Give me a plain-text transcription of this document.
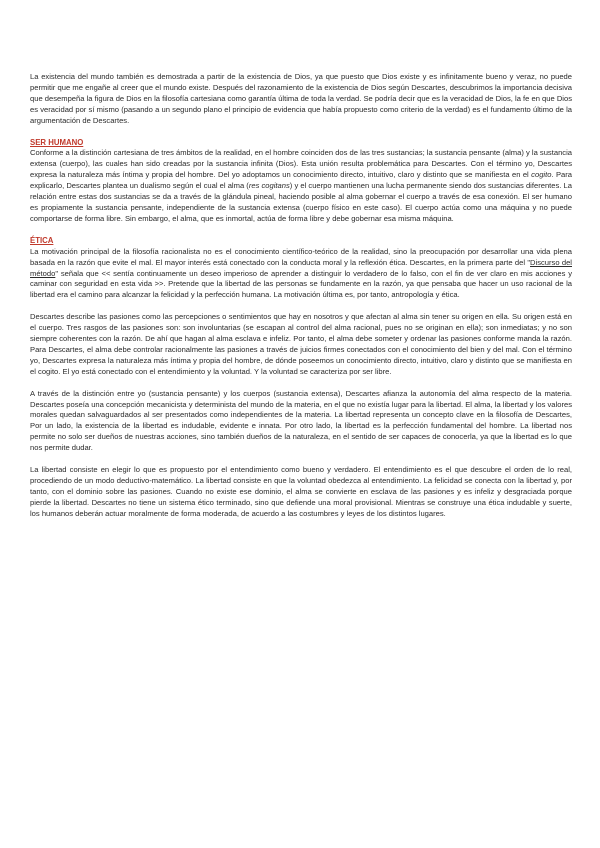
La existencia del mundo también es demostrada a partir de la existencia de Dios, ya que puesto que Dios existe y es infinitamente bueno y veraz, no puede permitir que me engañe al creer que el mundo existe. Después del razonamiento de la existencia de Dios según Descartes, descubrimos la importancia decisiva que desempeña la figura de Dios en la filosofía cartesiana como garantía última de toda la verdad. Se podría decir que es la veracidad de Dios, la fe en que Dios es veracidad por sí mismo (pasando a un segundo plano el principio de evidencia que había propuesto como criterio de la verdad) es el fundamento último de la argumentación de Descartes.

SER HUMANO

Conforme a la distinción cartesiana de tres ámbitos de la realidad, en el hombre coinciden dos de las tres sustancias; la sustancia pensante (alma) y la sustancia extensa (cuerpo), las cuales han sido creadas por la sustancia infinita (Dios). Esta unión resulta problemática para Descartes. Con el término yo, Descartes expresa la naturaleza más íntima y propia del hombre. Del yo adoptamos un conocimiento directo, intuitivo, claro y distinto que se manifiesta en el cogito. Para explicarlo, Descartes plantea un dualismo según el cual el alma (res cogitans) y el cuerpo mantienen una lucha permanente siendo dos sustancias diferentes. La relación entre estas dos sustancias se da a través de la glándula pineal, haciendo posible al alma gobernar el cuerpo a través de esa conexión. El ser humano es propiamente la sustancia pensante, independiente de la sustancia extensa (cuerpo físico en este caso). El cuerpo actúa como una máquina y no puede comportarse de forma libre. Sin embargo, el alma, que es inmortal, actúa de forma libre y debe gobernar esa misma máquina.

ÉTICA

La motivación principal de la filosofía racionalista no es el conocimiento científico-teórico de la realidad, sino la preocupación por desarrollar una vida plena basada en la razón que evite el mal. El mayor interés está conectado con la conducta moral y la reflexión ética. Descartes, en la primera parte del "Discurso del método" señala que << sentía continuamente un deseo imperioso de aprender a distinguir lo verdadero de lo falso, con el fin de ver claro en mis acciones y caminar con seguridad en esta vida >>. Pretende que la libertad de las personas se fundamente en la razón, ya que pensaba que hacer un uso racional de la libertad era el camino para alcanzar la felicidad y la perfección humana. La motivación última es, por tanto, antropología y ética.

Descartes describe las pasiones como las percepciones o sentimientos que hay en nosotros y que afectan al alma sin tener su origen en ella. Su origen está en el cuerpo. Tres rasgos de las pasiones son: son involuntarias (se escapan al control del alma racional, pues no se originan en ella); son inmediatas; y no son siempre coherentes con la razón. De ahí que hagan al alma esclava e infeliz. Por tanto, el alma debe someter y ordenar las pasiones conforme manda la razón. Para Descartes, el alma debe controlar racionalmente las pasiones a través de juicios firmes conectados con el conocimiento del bien y del mal. Con el término yo, Descartes expresa la naturaleza más íntima y propia del hombre, de dónde poseemos un conocimiento directo, intuitivo, claro y distinto que se manifiesta en el cogito. El yo está conectado con el entendimiento y la voluntad. Y la voluntad se caracteriza por ser libre.

A través de la distinción entre yo (sustancia pensante) y los cuerpos (sustancia extensa), Descartes afianza la autonomía del alma respecto de la materia. Descartes poseía una concepción mecanicista y determinista del mundo de la materia, en el que no existía lugar para la libertad. El alma, la libertad y los valores morales quedan salvaguardados al ser presentados como independientes de la materia. La libertad representa un concepto clave en la filosofía de Descartes, Por un lado, la existencia de la libertad es indudable, evidente e innata. Por otro lado, la libertad es la perfección fundamental del hombre. La libertad nos permite no solo ser dueños de nuestras acciones, sino también dueños de la naturaleza, en el sentido de ser capaces de conocerla, ya que la libertad es lo que nos permite dudar.

La libertad consiste en elegir lo que es propuesto por el entendimiento como bueno y verdadero. El entendimiento es el que descubre el orden de lo real, procediendo de un modo deductivo-matemático. La libertad consiste en que la voluntad obedezca al entendimiento. La felicidad se conecta con la libertad y, por tanto, con el dominio sobre las pasiones. Cuando no existe ese dominio, el alma se convierte en esclava de las pasiones y es infeliz y desgraciada porque pierde la libertad. Descartes no tiene un sistema ético terminado, sino que defiende una moral provisional. Mientras se construye una ética indudable y suerte, los humanos deberán actuar moralmente de forma moderada, de acuerdo a las costumbres y leyes de los distintos lugares.
